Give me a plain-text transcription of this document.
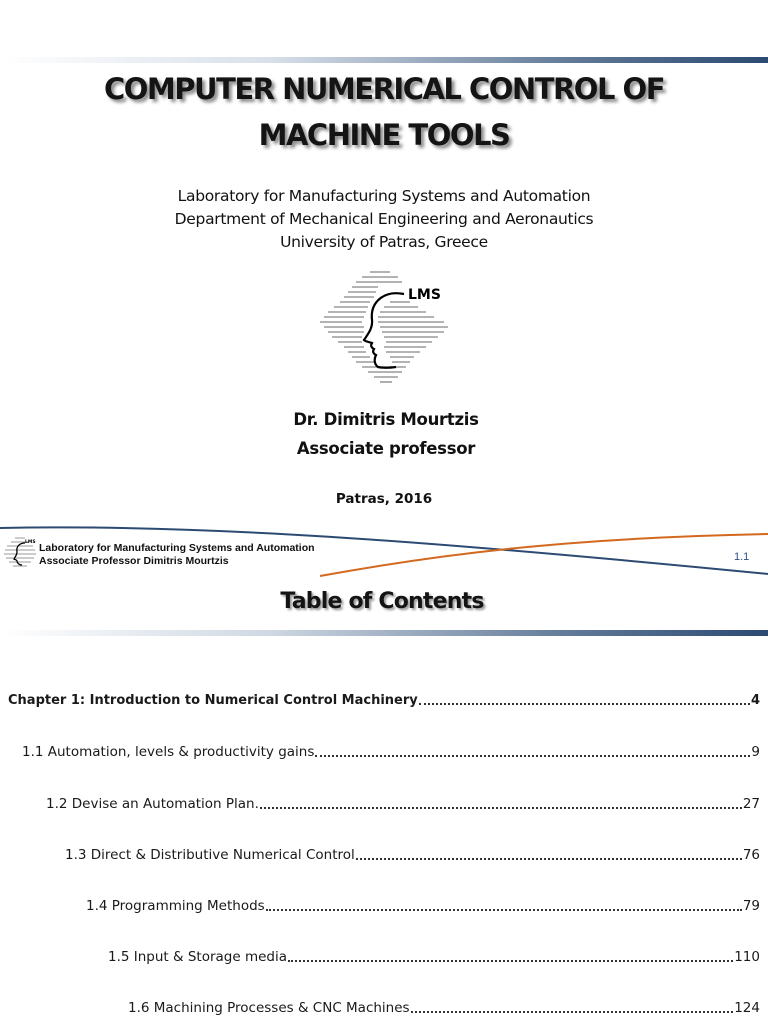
COMPUTER NUMERICAL CONTROL OF
MACHINE TOOLS
Laboratory for Manufacturing Systems and Automation
Department of Mechanical Engineering and Aeronautics
University of Patras, Greece
LMS
Dr. Dimitris Mourtzis
Associate professor
Patras, 2016
LMS Laboratory for Manufacturing Systems and Automation
Associate Professor Dimitris Mourtzis	1.1
Table of Contents
Chapter 1: Introduction to Numerical Control Machinery	4
1.1 Automation, levels & productivity gains	9
1.2 Devise an Automation Plan.	27
1.3 Direct & Distributive Numerical Control	76
1.4 Programming Methods	79
1.5 Input & Storage media	110
1.6 Machining Processes & CNC Machines	124
